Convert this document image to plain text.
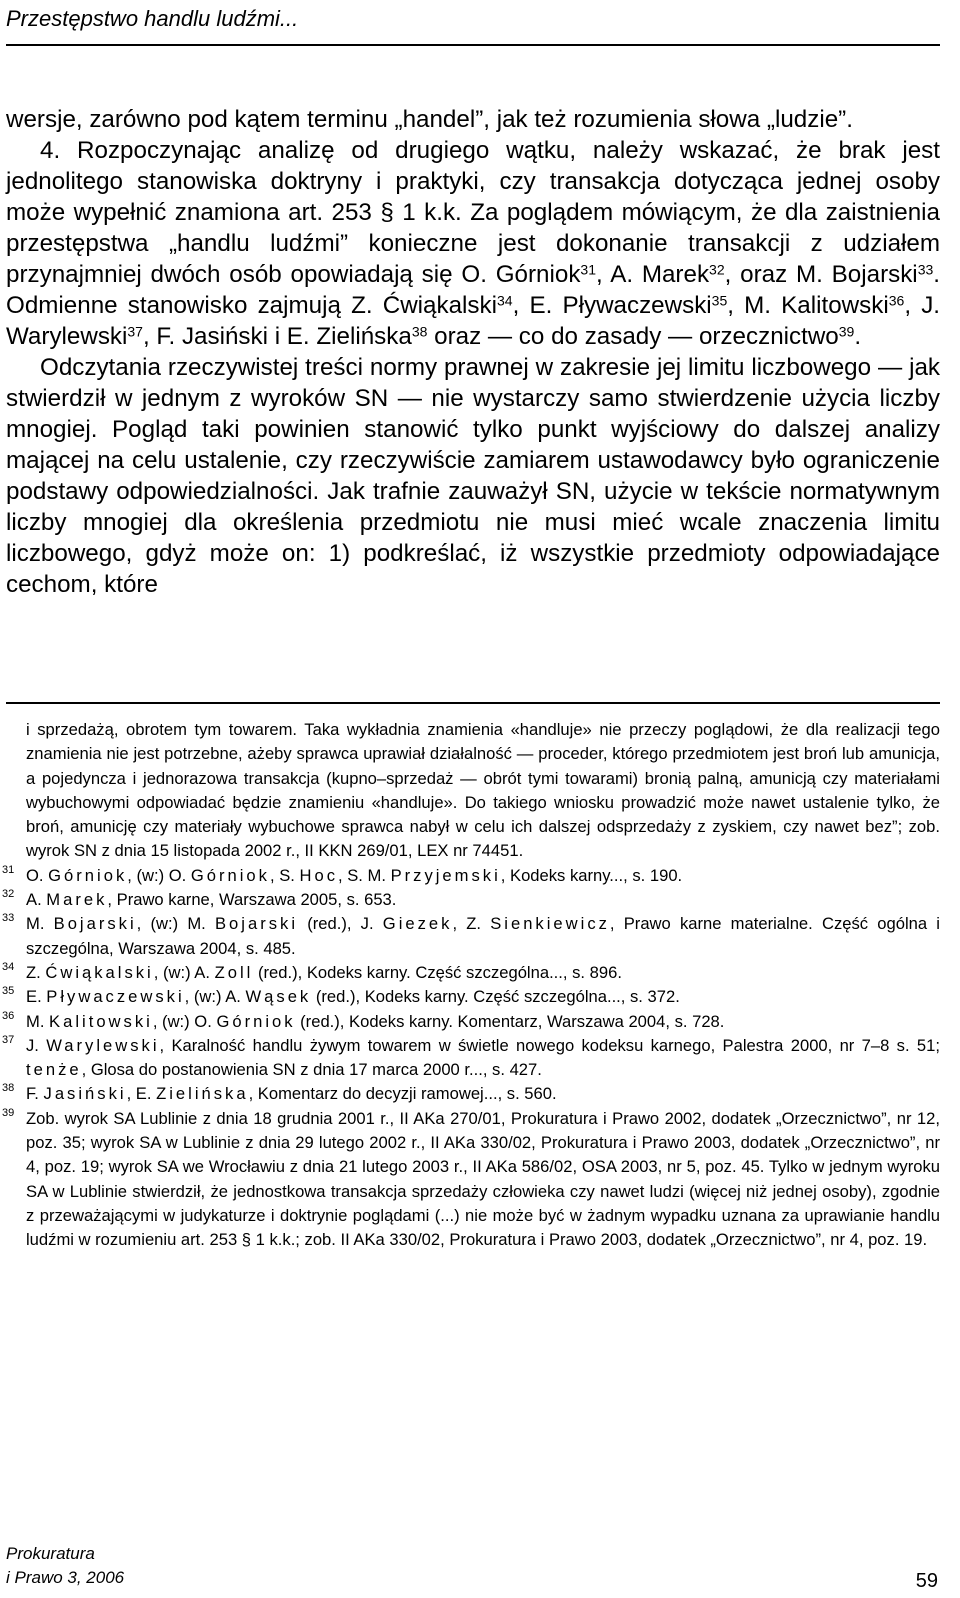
Przestępstwo handlu ludźmi...

wersje, zarówno pod kątem terminu „handel”, jak też rozumienia słowa „ludzie”.

4. Rozpoczynając analizę od drugiego wątku, należy wskazać, że brak jest jednolitego stanowiska doktryny i praktyki, czy transakcja dotycząca jednej osoby może wypełnić znamiona art. 253 § 1 k.k. Za poglądem mówiącym, że dla zaistnienia przestępstwa „handlu ludźmi” konieczne jest dokonanie transakcji z udziałem przynajmniej dwóch osób opowiadają się O. Górniok$^{31}$, A. Marek$^{32}$, oraz M. Bojarski$^{33}$. Odmienne stanowisko zajmują Z. Ćwiąkalski$^{34}$, E. Pływaczewski$^{35}$, M. Kalitowski$^{36}$, J. Warylewski$^{37}$, F. Jasiński i E. Zielińska$^{38}$ oraz — co do zasady — orzecznictwo$^{39}$.

Odczytania rzeczywistej treści normy prawnej w zakresie jej limitu liczbowego — jak stwierdził w jednym z wyroków SN — nie wystarczy samo stwierdzenie użycia liczby mnogiej. Pogląd taki powinien stanowić tylko punkt wyjściowy do dalszej analizy mającej na celu ustalenie, czy rzeczywiście zamiarem ustawodawcy było ograniczenie podstawy odpowiedzialności. Jak trafnie zauważył SN, użycie w tekście normatywnym liczby mnogiej dla określenia przedmiotu nie musi mieć wcale znaczenia limitu liczbowego, gdyż może on: 1) podkreślać, iż wszystkie przedmioty odpowiadające cechom, które

i sprzedażą, obrotem tym towarem. Taka wykładnia znamienia «handluje» nie przeczy poglądowi, że dla realizacji tego znamienia nie jest potrzebne, ażeby sprawca uprawiał działalność — proceder, którego przedmiotem jest broń lub amunicja, a pojedyncza i jednorazowa transakcja (kupno–sprzedaż — obrót tymi towarami) bronią palną, amunicją czy materiałami wybuchowymi odpowiadać będzie znamieniu «handluje». Do takiego wniosku prowadzić może nawet ustalenie tylko, że broń, amunicję czy materiały wybuchowe sprawca nabył w celu ich dalszej odsprzedaży z zyskiem, czy nawet bez”; zob. wyrok SN z dnia 15 listopada 2002 r., II KKN 269/01, LEX nr 74451.
31 O. Górniok, (w:) O. Górniok, S. Hoc, S. M. Przyjemski, Kodeks karny..., s. 190.
32 A. Marek, Prawo karne, Warszawa 2005, s. 653.
33 M. Bojarski, (w:) M. Bojarski (red.), J. Giezek, Z. Sienkiewicz, Prawo karne materialne. Część ogólna i szczególna, Warszawa 2004, s. 485.
34 Z. Ćwiąkalski, (w:) A. Zoll (red.), Kodeks karny. Część szczególna..., s. 896.
35 E. Pływaczewski, (w:) A. Wąsek (red.), Kodeks karny. Część szczególna..., s. 372.
36 M. Kalitowski, (w:) O. Górniok (red.), Kodeks karny. Komentarz, Warszawa 2004, s. 728.
37 J. Warylewski, Karalność handlu żywym towarem w świetle nowego kodeksu karnego, Palestra 2000, nr 7–8 s. 51; tenże, Glosa do postanowienia SN z dnia 17 marca 2000 r..., s. 427.
38 F. Jasiński, E. Zielińska, Komentarz do decyzji ramowej..., s. 560.
39 Zob. wyrok SA Lublinie z dnia 18 grudnia 2001 r., II AKa 270/01, Prokuratura i Prawo 2002, dodatek „Orzecznictwo”, nr 12, poz. 35; wyrok SA w Lublinie z dnia 29 lutego 2002 r., II AKa 330/02, Prokuratura i Prawo 2003, dodatek „Orzecznictwo”, nr 4, poz. 19; wyrok SA we Wrocławiu z dnia 21 lutego 2003 r., II AKa 586/02, OSA 2003, nr 5, poz. 45. Tylko w jednym wyroku SA w Lublinie stwierdził, że jednostkowa transakcja sprzedaży człowieka czy nawet ludzi (więcej niż jednej osoby), zgodnie z przeważającymi w judykaturze i doktrynie poglądami (...) nie może być w żadnym wypadku uznana za uprawianie handlu ludźmi w rozumieniu art. 253 § 1 k.k.; zob. II AKa 330/02, Prokuratura i Prawo 2003, dodatek „Orzecznictwo”, nr 4, poz. 19.
Prokuratura
i Prawo 3, 2006	59
